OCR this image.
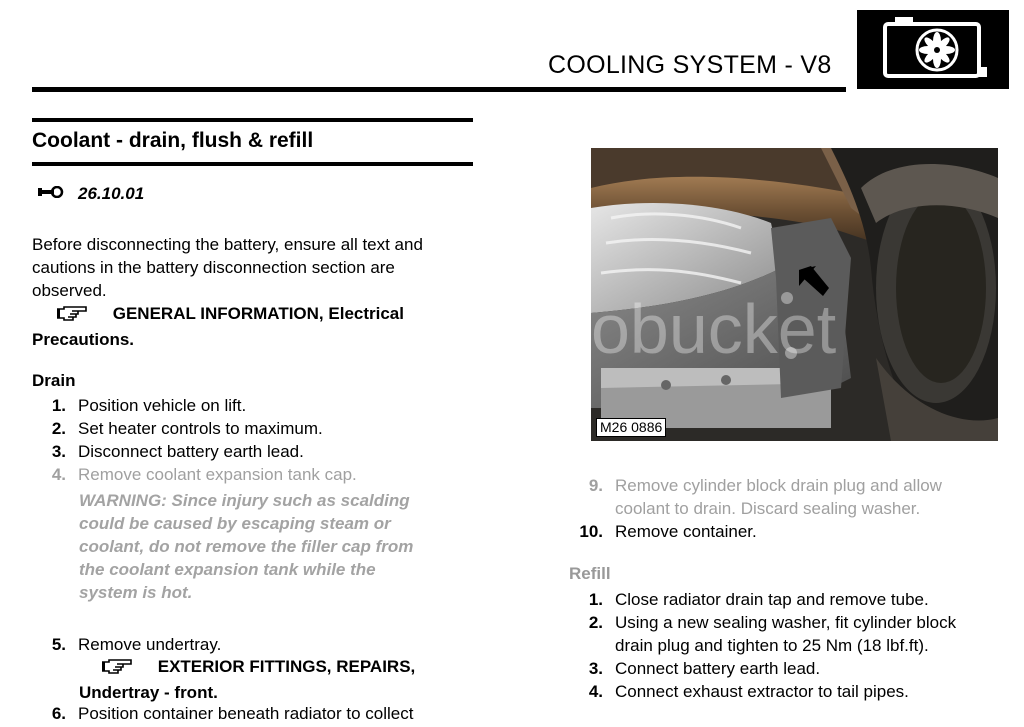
COOLING SYSTEM - V8
Coolant - drain, flush & refill
26.10.01
Before disconnecting the battery, ensure all text and
cautions in the battery disconnection section are
observed.
GENERAL INFORMATION, Electrical
Precautions.
Drain
1. Position vehicle on lift.
2. Set heater controls to maximum.
3. Disconnect battery earth lead.
4. Remove coolant expansion tank cap.
WARNING: Since injury such as scalding
could be caused by escaping steam or
coolant, do not remove the filler cap from
the coolant expansion tank while the
system is hot.
5. Remove undertray.
EXTERIOR FITTINGS, REPAIRS,
Undertray - front.
6. Position container beneath radiator to collect
obucket
M26 0886
9. Remove cylinder block drain plug and allow
coolant to drain. Discard sealing washer.
10. Remove container.
Refill
1. Close radiator drain tap and remove tube.
2. Using a new sealing washer, fit cylinder block
drain plug and tighten to 25 Nm (18 lbf.ft).
3. Connect battery earth lead.
4. Connect exhaust extractor to tail pipes.
